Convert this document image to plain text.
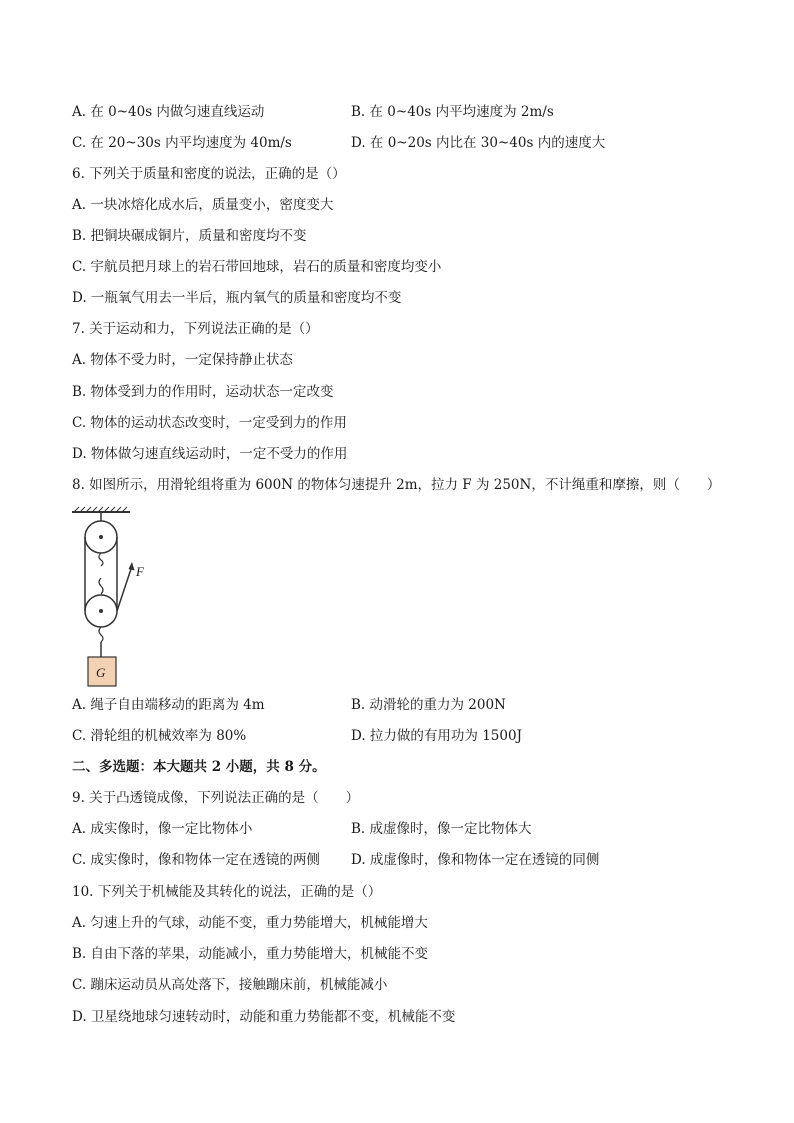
A. 在 0~40s 内做匀速直线运动	B. 在 0~40s 内平均速度为 2m/s
C. 在 20~30s 内平均速度为 40m/s	D. 在 0~20s 内比在 30~40s 内的速度大
6. 下列关于质量和密度的说法，正确的是（）
A. 一块冰熔化成水后，质量变小，密度变大
B. 把铜块碾成铜片，质量和密度均不变
C. 宇航员把月球上的岩石带回地球，岩石的质量和密度均变小
D. 一瓶氧气用去一半后，瓶内氧气的质量和密度均不变
7. 关于运动和力，下列说法正确的是（）
A. 物体不受力时，一定保持静止状态
B. 物体受到力的作用时，运动状态一定改变
C. 物体的运动状态改变时，一定受到力的作用
D. 物体做匀速直线运动时，一定不受力的作用
8. 如图所示，用滑轮组将重为 600N 的物体匀速提升 2m，拉力 F 为 250N，不计绳重和摩擦，则（　　）
F
G
A. 绳子自由端移动的距离为 4m	B. 动滑轮的重力为 200N
C. 滑轮组的机械效率为 80%	D. 拉力做的有用功为 1500J
二、多选题：本大题共 2 小题，共 8 分。
9. 关于凸透镜成像，下列说法正确的是（　　）
A. 成实像时，像一定比物体小	B. 成虚像时，像一定比物体大
C. 成实像时，像和物体一定在透镜的两侧 D. 成虚像时，像和物体一定在透镜的同侧
10. 下列关于机械能及其转化的说法，正确的是（）
A. 匀速上升的气球，动能不变，重力势能增大，机械能增大
B. 自由下落的苹果，动能减小，重力势能增大，机械能不变
C. 蹦床运动员从高处落下，接触蹦床前，机械能减小
D. 卫星绕地球匀速转动时，动能和重力势能都不变，机械能不变
